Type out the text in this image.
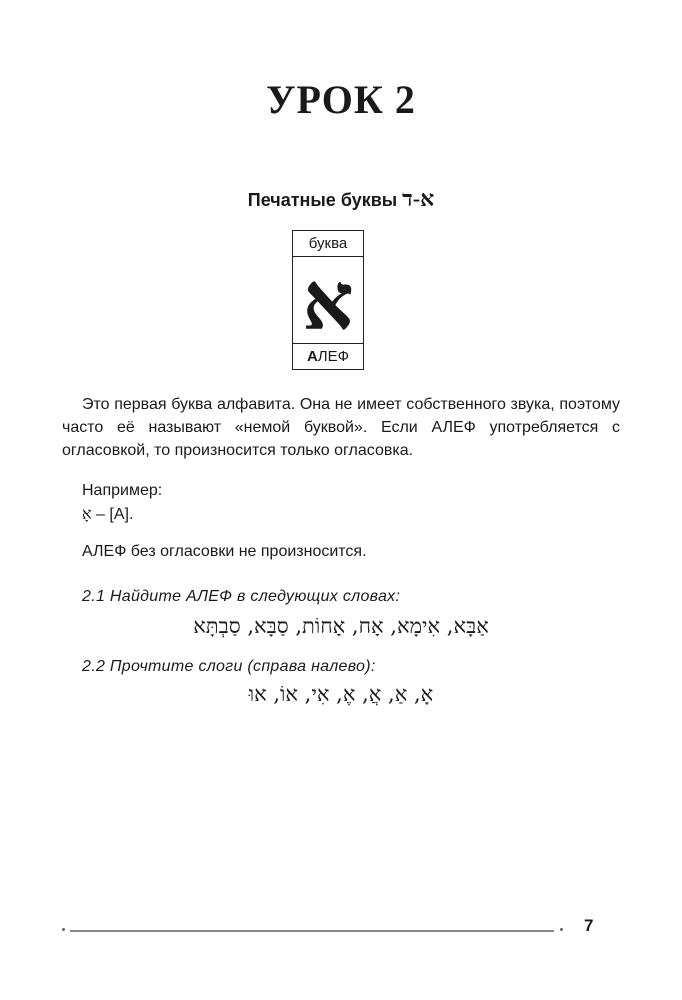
УРОК 2
Печатные буквы א-ד
буква
א
АЛЕФ

Это первая буква алфавита. Она не имеет собственного звука, поэтому часто её называют «немой буквой». Если АЛЕФ употребляется с огласовкой, то произносится только огласовка.

Например:

אָ – [А].

АЛЕФ без огласовки не произносится.

2.1 Найдите АЛЕФ в следующих словах:

אַבָּא, אִימָא, אָח, אָחוֹת, סַבָּא, סַבְתָּא

2.2 Прочтите слоги (справа налево):

אָ, אַ, אֲ, אֶ, אִי, אוֹ, אוּ

7
